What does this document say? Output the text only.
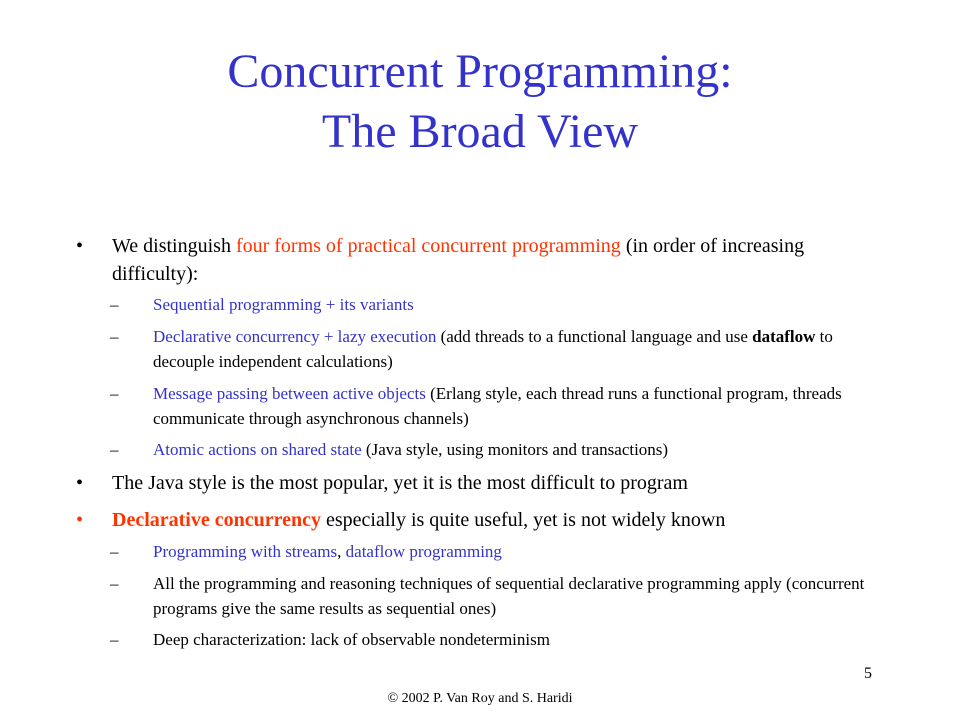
Concurrent Programming:
The Broad View
• We distinguish four forms of practical concurrent programming (in order of increasing difficulty):
– Sequential programming + its variants
– Declarative concurrency + lazy execution (add threads to a functional language and use dataflow to decouple independent calculations)
– Message passing between active objects (Erlang style, each thread runs a functional program, threads communicate through asynchronous channels)
– Atomic actions on shared state (Java style, using monitors and transactions)
• The Java style is the most popular, yet it is the most difficult to program
• Declarative concurrency especially is quite useful, yet is not widely known
– Programming with streams, dataflow programming
– All the programming and reasoning techniques of sequential declarative programming apply (concurrent programs give the same results as sequential ones)
– Deep characterization: lack of observable nondeterminism
5
© 2002 P. Van Roy and S. Haridi
